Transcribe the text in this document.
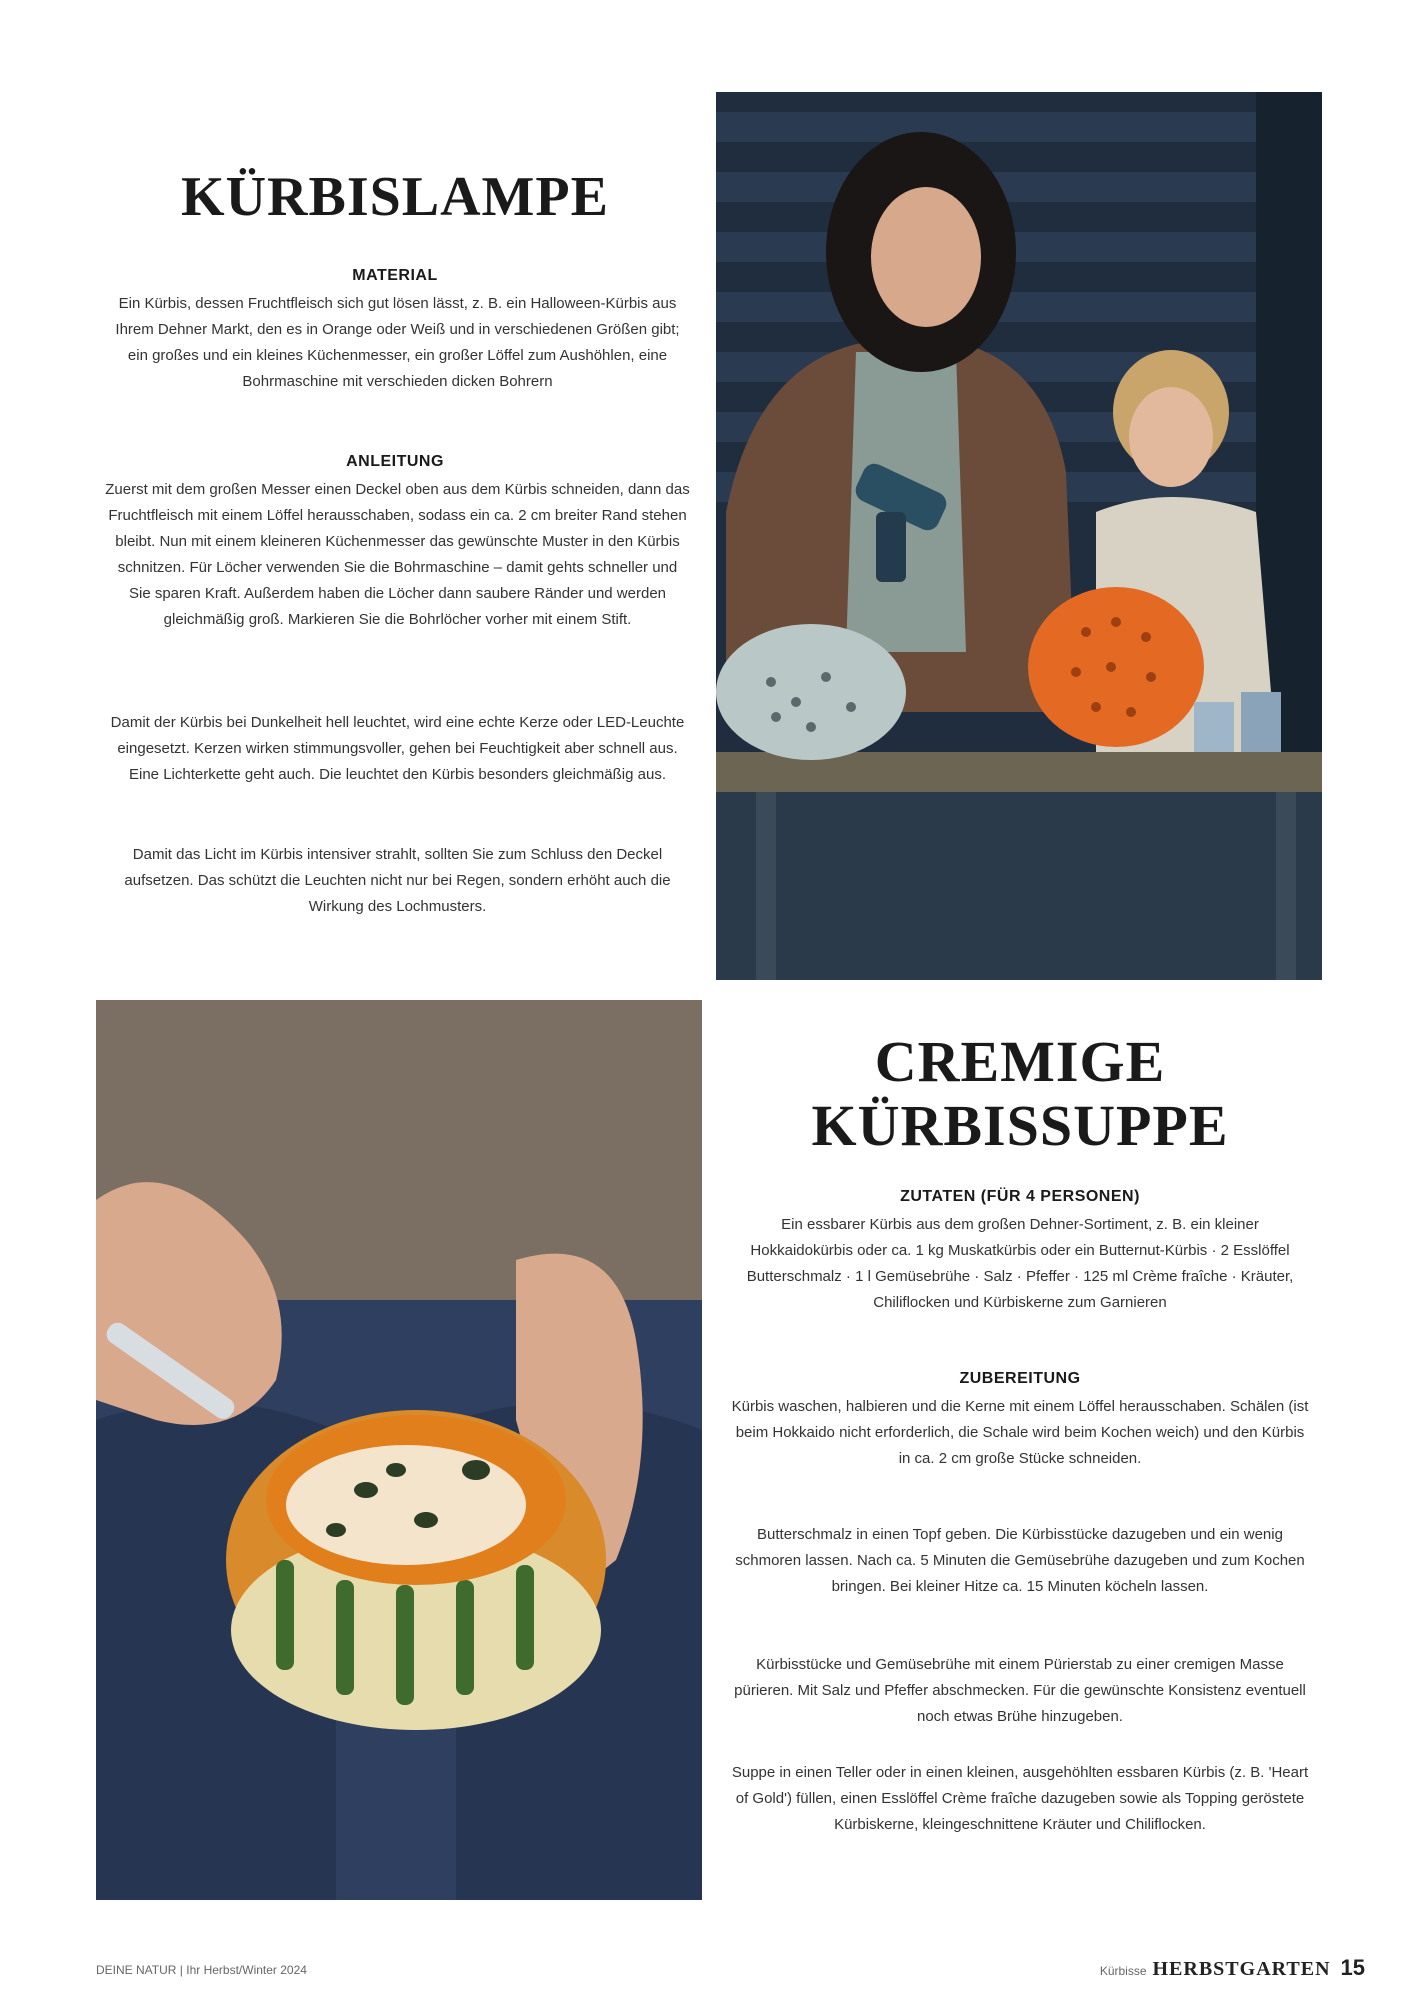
KÜRBISLAMPE
MATERIAL

Ein Kürbis, dessen Fruchtfleisch sich gut lösen lässt, z. B. ein Halloween-Kürbis aus Ihrem Dehner Markt, den es in Orange oder Weiß und in verschiedenen Größen gibt; ein großes und ein kleines Küchenmesser, ein großer Löffel zum Aushöhlen, eine Bohrmaschine mit verschieden dicken Bohrern

ANLEITUNG

Zuerst mit dem großen Messer einen Deckel oben aus dem Kürbis schneiden, dann das Fruchtfleisch mit einem Löffel herausschaben, sodass ein ca. 2 cm breiter Rand stehen bleibt. Nun mit einem kleineren Küchenmesser das gewünschte Muster in den Kürbis schnitzen. Für Löcher verwenden Sie die Bohrmaschine – damit gehts schneller und Sie sparen Kraft. Außerdem haben die Löcher dann saubere Ränder und werden gleichmäßig groß. Markieren Sie die Bohrlöcher vorher mit einem Stift.

Damit der Kürbis bei Dunkelheit hell leuchtet, wird eine echte Kerze oder LED-Leuchte eingesetzt. Kerzen wirken stimmungsvoller, gehen bei Feuchtigkeit aber schnell aus. Eine Lichterkette geht auch. Die leuchtet den Kürbis besonders gleichmäßig aus.

Damit das Licht im Kürbis intensiver strahlt, sollten Sie zum Schluss den Deckel aufsetzen. Das schützt die Leuchten nicht nur bei Regen, sondern erhöht auch die Wirkung des Lochmusters.

CREMIGE
KÜRBISSUPPE
ZUTATEN (FÜR 4 PERSONEN)

Ein essbarer Kürbis aus dem großen Dehner-Sortiment, z. B. ein kleiner Hokkaidokürbis oder ca. 1 kg Muskatkürbis oder ein Butternut-Kürbis · 2 Esslöffel Butterschmalz · 1 l Gemüsebrühe · Salz · Pfeffer · 125 ml Crème fraîche · Kräuter, Chiliflocken und Kürbiskerne zum Garnieren

ZUBEREITUNG

Kürbis waschen, halbieren und die Kerne mit einem Löffel herausschaben. Schälen (ist beim Hokkaido nicht erforderlich, die Schale wird beim Kochen weich) und den Kürbis in ca. 2 cm große Stücke schneiden.

Butterschmalz in einen Topf geben. Die Kürbisstücke dazugeben und ein wenig schmoren lassen. Nach ca. 5 Minuten die Gemüsebrühe dazugeben und zum Kochen bringen. Bei kleiner Hitze ca. 15 Minuten köcheln lassen.

Kürbisstücke und Gemüsebrühe mit einem Pürierstab zu einer cremigen Masse pürieren. Mit Salz und Pfeffer abschmecken. Für die gewünschte Konsistenz eventuell noch etwas Brühe hinzugeben.

Suppe in einen Teller oder in einen kleinen, ausgehöhlten essbaren Kürbis (z. B. 'Heart of Gold') füllen, einen Esslöffel Crème fraîche dazugeben sowie als Topping geröstete Kürbiskerne, kleingeschnittene Kräuter und Chiliflocken.

DEINE NATUR | Ihr Herbst/Winter 2024	Kürbisse HERBSTGARTEN 15
